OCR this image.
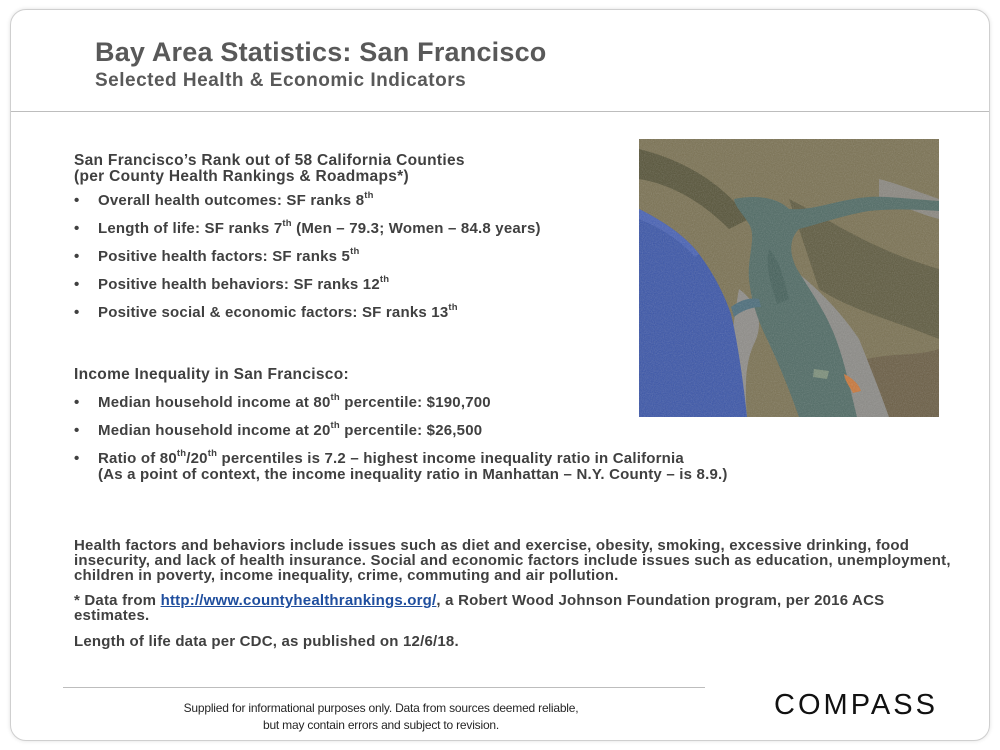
Bay Area Statistics: San Francisco
Selected Health & Economic Indicators
San Francisco’s Rank out of 58 California Counties
(per County Health Rankings & Roadmaps*)
• Overall health outcomes: SF ranks 8th
• Length of life: SF ranks 7th (Men – 79.3; Women – 84.8 years)
• Positive health factors: SF ranks 5th
• Positive health behaviors: SF ranks 12th
• Positive social & economic factors: SF ranks 13th
Income Inequality in San Francisco:
• Median household income at 80th percentile: $190,700
• Median household income at 20th percentile: $26,500
• Ratio of 80th/20th percentiles is 7.2 – highest income inequality ratio in California
(As a point of context, the income inequality ratio in Manhattan – N.Y. County – is 8.9.)
Health factors and behaviors include issues such as diet and exercise, obesity, smoking, excessive drinking, food insecurity, and lack of health insurance. Social and economic factors include issues such as education, unemployment, children in poverty, income inequality, crime, commuting and air pollution.
* Data from http://www.countyhealthrankings.org/, a Robert Wood Johnson Foundation program, per 2016 ACS estimates.
Length of life data per CDC, as published on 12/6/18.
Supplied for informational purposes only. Data from sources deemed reliable,
but may contain errors and subject to revision.
COMPASS
